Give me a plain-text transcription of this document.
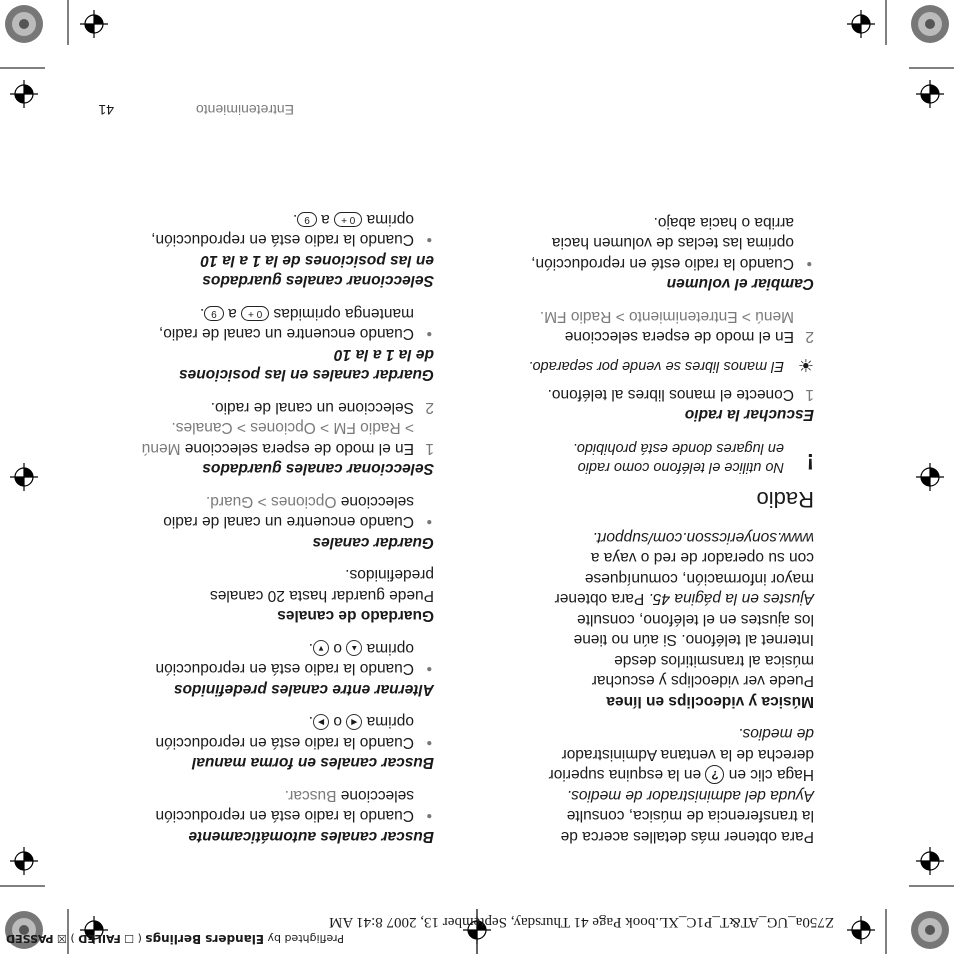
Z750a_UG_AT&T_P1C_XL.book Page 41 Thursday, September 13, 2007 8:41 AM
Preflighted by Elanders Berlings ( ☐ FAILED ) ☒ PASSED
Entretenimiento
41
Para obtener más detalles acerca de
la transferencia de música, consulte
Ayuda del administrador de medios.
Haga clic en ? en la esquina superior
derecha de la ventana Administrador
de medios.
Música y videoclips en línea
Puede ver videoclips y escuchar
música al transmitirlos desde
Internet al teléfono. Si aún no tiene
los ajustes en el teléfono, consulte
Ajustes en la página 45. Para obtener
mayor información, comuníquese
con su operador de red o vaya a
www.sonyericsson.com/support.
Radio
!
No utilice el teléfono como radio
en lugares donde está prohibido.
Escuchar la radio
1
Conecte el manos libres al teléfono.
☀
El manos libres se vende por separado.
2
En el modo de espera seleccione
Menú > Entretenimiento > Radio FM.
Cambiar el volumen
• Cuando la radio esté en reproducción,
oprima las teclas de volumen hacia
arriba o hacia abajo.
Buscar canales automáticamente
• Cuando la radio está en reproducción
seleccione Buscar.
Buscar canales en forma manual
• Cuando la radio está en reproducción
oprima ◀ o ▶.
Alternar entre canales predefinidos
• Cuando la radio está en reproducción
oprima ▲ o ▼.
Guardado de canales
Puede guardar hasta 20 canales
predefinidos.
Guardar canales
• Cuando encuentre un canal de radio
seleccione Opciones > Guard.
Seleccionar canales guardados
1
En el modo de espera seleccione Menú
> Radio FM > Opciones > Canales.
2
Seleccione un canal de radio.
Guardar canales en las posiciones
de la 1 a la 10
• Cuando encuentre un canal de radio,
mantenga oprimidas 0 + a 9.
Seleccionar canales guardados
en las posiciones de la 1 a la 10
• Cuando la radio está en reproducción,
oprima 0 + a 9.
